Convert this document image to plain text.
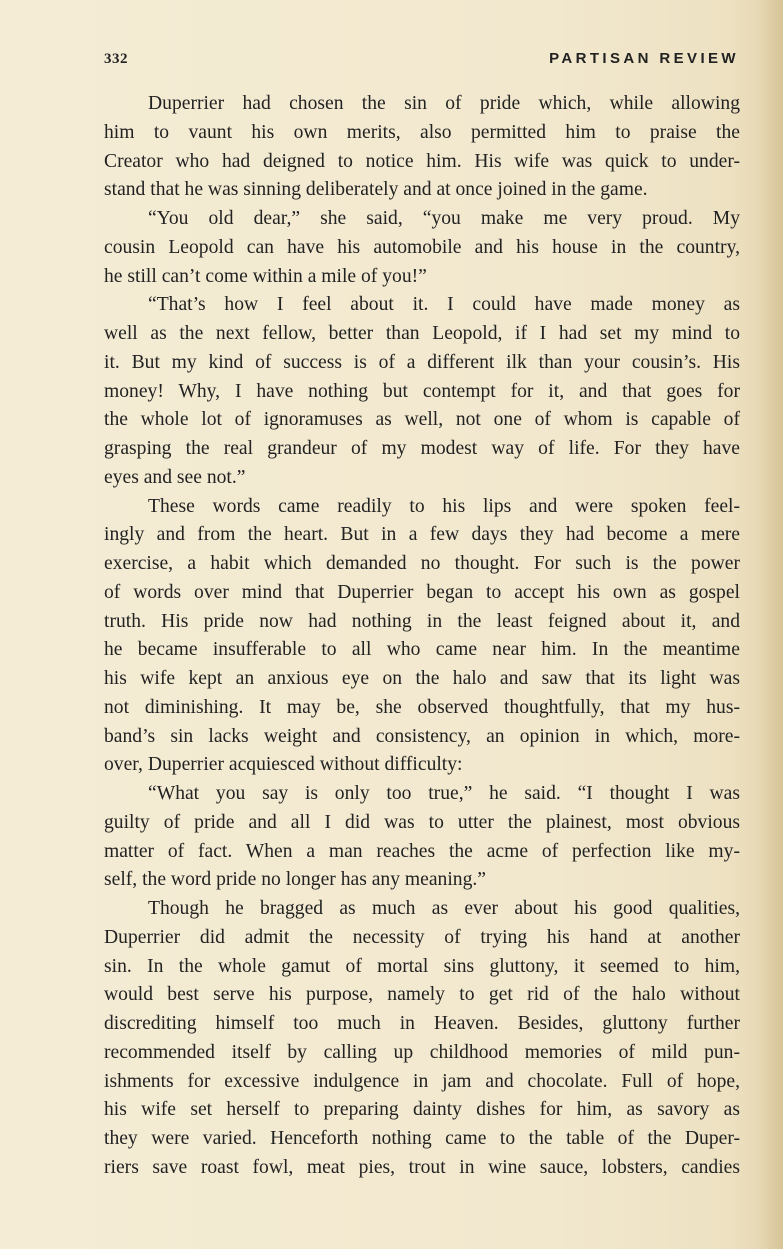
332	PARTISAN REVIEW
Duperrier had chosen the sin of pride which, while allowing
him to vaunt his own merits, also permitted him to praise the
Creator who had deigned to notice him. His wife was quick to under-
stand that he was sinning deliberately and at once joined in the game.
“You old dear,” she said, “you make me very proud. My
cousin Leopold can have his automobile and his house in the country,
he still can’t come within a mile of you!”
“That’s how I feel about it. I could have made money as
well as the next fellow, better than Leopold, if I had set my mind to
it. But my kind of success is of a different ilk than your cousin’s. His
money! Why, I have nothing but contempt for it, and that goes for
the whole lot of ignoramuses as well, not one of whom is capable of
grasping the real grandeur of my modest way of life. For they have
eyes and see not.”
These words came readily to his lips and were spoken feel-
ingly and from the heart. But in a few days they had become a mere
exercise, a habit which demanded no thought. For such is the power
of words over mind that Duperrier began to accept his own as gospel
truth. His pride now had nothing in the least feigned about it, and
he became insufferable to all who came near him. In the meantime
his wife kept an anxious eye on the halo and saw that its light was
not diminishing. It may be, she observed thoughtfully, that my hus-
band’s sin lacks weight and consistency, an opinion in which, more-
over, Duperrier acquiesced without difficulty:
“What you say is only too true,” he said. “I thought I was
guilty of pride and all I did was to utter the plainest, most obvious
matter of fact. When a man reaches the acme of perfection like my-
self, the word pride no longer has any meaning.”
Though he bragged as much as ever about his good qualities,
Duperrier did admit the necessity of trying his hand at another
sin. In the whole gamut of mortal sins gluttony, it seemed to him,
would best serve his purpose, namely to get rid of the halo without
discrediting himself too much in Heaven. Besides, gluttony further
recommended itself by calling up childhood memories of mild pun-
ishments for excessive indulgence in jam and chocolate. Full of hope,
his wife set herself to preparing dainty dishes for him, as savory as
they were varied. Henceforth nothing came to the table of the Duper-
riers save roast fowl, meat pies, trout in wine sauce, lobsters, candies
